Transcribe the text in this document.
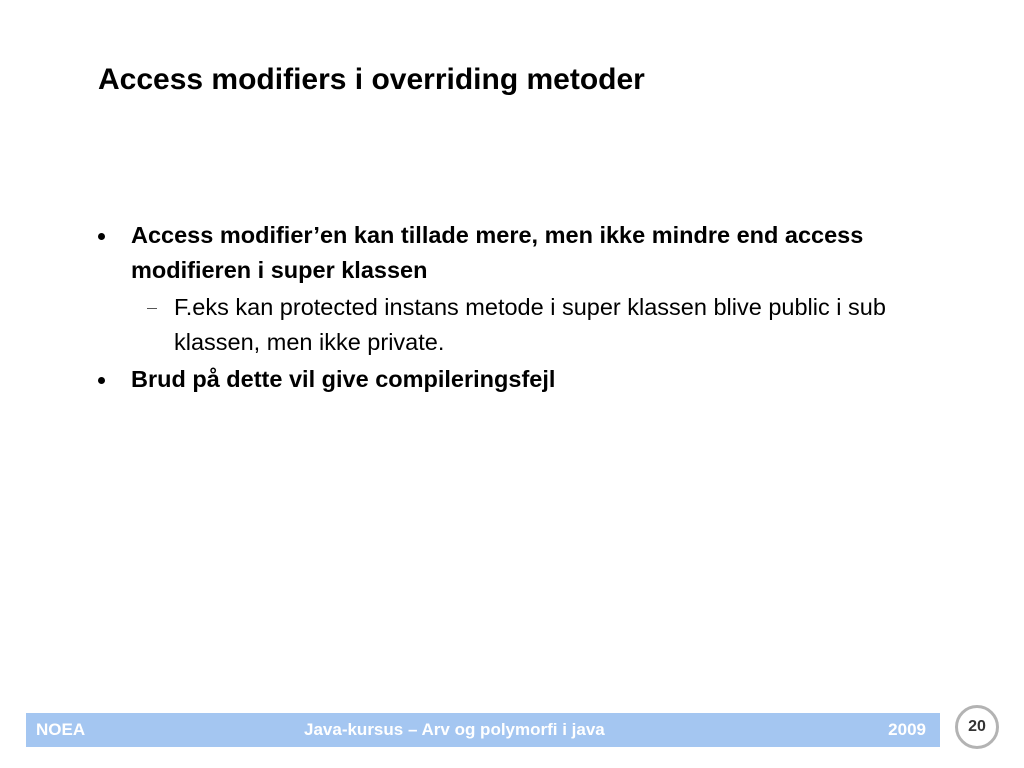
Access modifiers i overriding metoder
Access modifier’en kan tillade mere, men ikke mindre end access modifieren i super klassen
F.eks kan protected instans metode i super klassen blive public i sub klassen, men ikke private.
Brud på dette vil give compileringsfejl
NOEA	Java-kursus – Arv og polymorfi i java	2009	20
